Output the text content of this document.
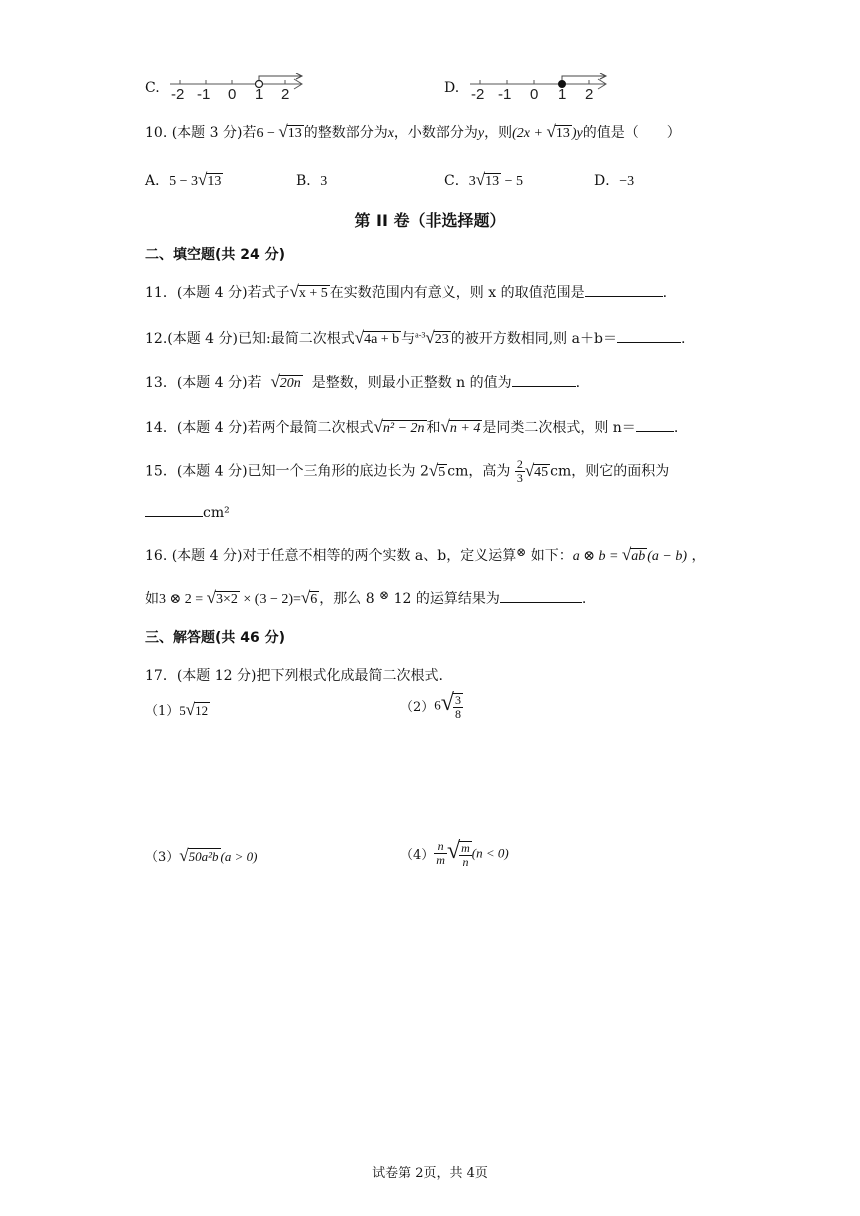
C. -2 -1 0 1 2	D. -2 -1 0 1 2
10. (本题 3 分)若6 − √13 的整数部分为x，小数部分为y，则(2x + √13 )y的值是（　　）
A．5 − 3√13	B．3	C．3√13 − 5	D．−3
第 II 卷（非选择题）
二、填空题(共 24 分)
11．(本题 4 分)若式子√x + 5 在实数范围内有意义，则 x 的取值范围是	.
12.(本题 4 分)已知:最简二次根式√4a + b 与$^{a-3}$√23 的被开方数相同,则 a＋b＝	.
13．(本题 4 分)若 √20n 是整数，则最小正整数 n 的值为	.
14．(本题 4 分)若两个最简二次根式√n² − 2n 和√n + 4 是同类二次根式，则 n＝	.
15．(本题 4 分)已知一个三角形的底边长为 2√5 cm，高为 $\frac{2}{3} √45$ cm，则它的面积为
cm²
16. (本题 4 分)对于任意不相等的两个实数 a、b，定义运算⊗ 如下：a ⊗ b = √ab (a − b) ，
如3 ⊗ 2 = √3×2 × (3 − 2)=√6 ，那么 8 ⊗ 12 的运算结果为	.
三、解答题(共 46 分)
17．(本题 12 分)把下列根式化成最简二次根式.
（1）5√12	$(2)6√ \frac{3}{8}$
（3）√50a²b (a > 0)	$(4) \frac{n}{m}$ √ $\frac{m}{n} (n < 0)$
试卷第 2页，共 4页
